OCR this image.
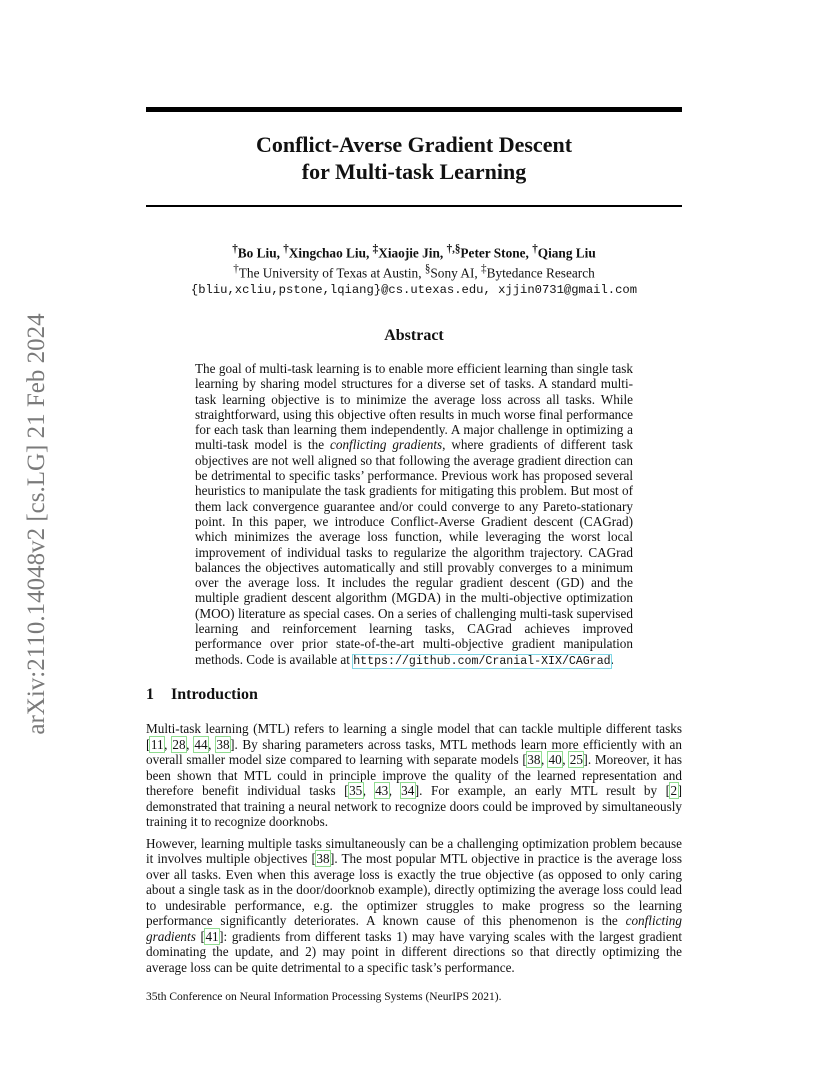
arXiv:2110.14048v2 [cs.LG] 21 Feb 2024
Conflict-Averse Gradient Descent
for Multi-task Learning
†Bo Liu, †Xingchao Liu, ‡Xiaojie Jin, †,§Peter Stone, †Qiang Liu
†The University of Texas at Austin, §Sony AI, ‡Bytedance Research
{bliu,xcliu,pstone,lqiang}@cs.utexas.edu, xjjin0731@gmail.com
Abstract
The goal of multi-task learning is to enable more efficient learning than single task learning by sharing model structures for a diverse set of tasks. A standard multi-task learning objective is to minimize the average loss across all tasks. While straightforward, using this objective often results in much worse final performance for each task than learning them independently. A major challenge in optimizing a multi-task model is the conflicting gradients, where gradients of different task objectives are not well aligned so that following the average gradient direction can be detrimental to specific tasks’ performance. Previous work has proposed several heuristics to manipulate the task gradients for mitigating this problem. But most of them lack convergence guarantee and/or could converge to any Pareto-stationary point. In this paper, we introduce Conflict-Averse Gradient descent (CAGrad) which minimizes the average loss function, while leveraging the worst local improvement of individual tasks to regularize the algorithm trajectory. CAGrad balances the objectives automatically and still provably converges to a minimum over the average loss. It includes the regular gradient descent (GD) and the multiple gradient descent algorithm (MGDA) in the multi-objective optimization (MOO) literature as special cases. On a series of challenging multi-task supervised learning and reinforcement learning tasks, CAGrad achieves improved performance over prior state-of-the-art multi-objective gradient manipulation methods. Code is available at https://github.com/Cranial-XIX/CAGrad.
1 Introduction

Multi-task learning (MTL) refers to learning a single model that can tackle multiple different tasks [11, 28, 44, 38]. By sharing parameters across tasks, MTL methods learn more efficiently with an overall smaller model size compared to learning with separate models [38, 40, 25]. Moreover, it has been shown that MTL could in principle improve the quality of the learned representation and therefore benefit individual tasks [35, 43, 34]. For example, an early MTL result by [2] demonstrated that training a neural network to recognize doors could be improved by simultaneously training it to recognize doorknobs.

However, learning multiple tasks simultaneously can be a challenging optimization problem because it involves multiple objectives [38]. The most popular MTL objective in practice is the average loss over all tasks. Even when this average loss is exactly the true objective (as opposed to only caring about a single task as in the door/doorknob example), directly optimizing the average loss could lead to undesirable performance, e.g. the optimizer struggles to make progress so the learning performance significantly deteriorates. A known cause of this phenomenon is the conflicting gradients [41]: gradients from different tasks 1) may have varying scales with the largest gradient dominating the update, and 2) may point in different directions so that directly optimizing the average loss can be quite detrimental to a specific task’s performance.

35th Conference on Neural Information Processing Systems (NeurIPS 2021).
